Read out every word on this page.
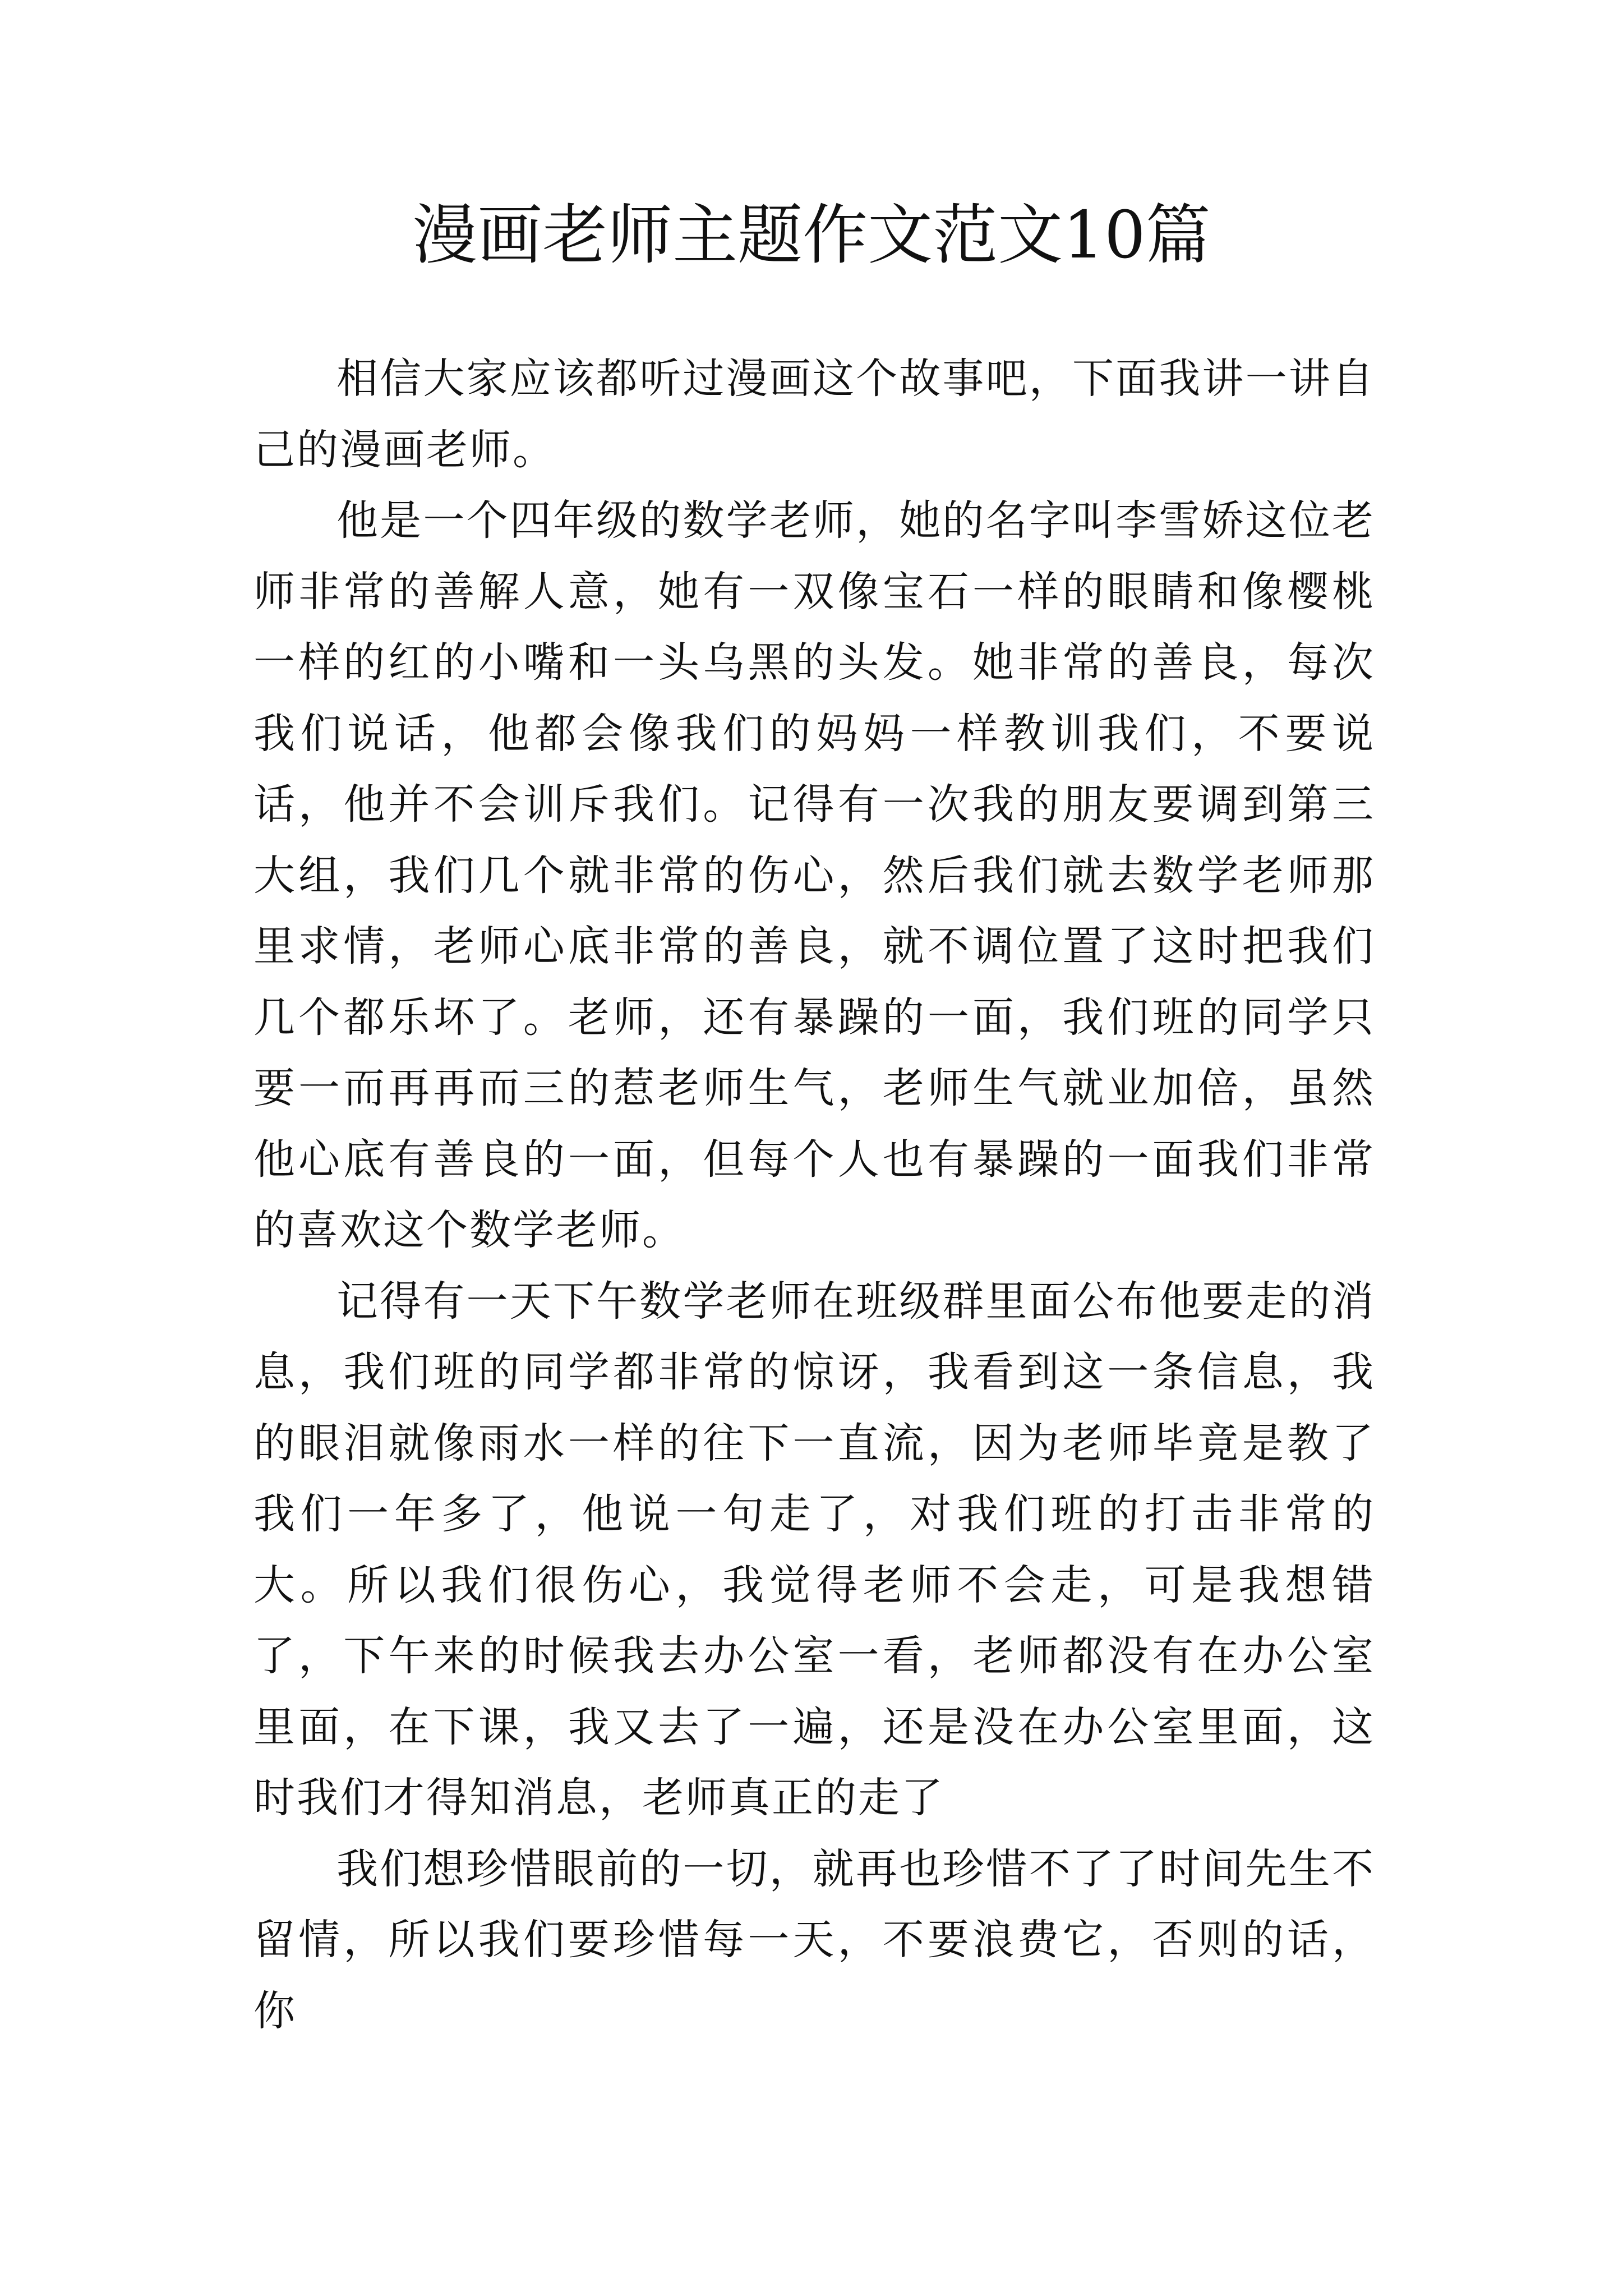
漫画老师主题作文范文10篇

相信大家应该都听过漫画这个故事吧，下面我讲一讲自己的漫画老师。

他是一个四年级的数学老师，她的名字叫李雪娇这位老师非常的善解人意，她有一双像宝石一样的眼睛和像樱桃一样的红的小嘴和一头乌黑的头发。她非常的善良，每次我们说话，他都会像我们的妈妈一样教训我们，不要说话，他并不会训斥我们。记得有一次我的朋友要调到第三大组，我们几个就非常的伤心，然后我们就去数学老师那里求情，老师心底非常的善良，就不调位置了这时把我们几个都乐坏了。老师，还有暴躁的一面，我们班的同学只要一而再再而三的惹老师生气，老师生气就业加倍，虽然他心底有善良的一面，但每个人也有暴躁的一面我们非常的喜欢这个数学老师。

记得有一天下午数学老师在班级群里面公布他要走的消息，我们班的同学都非常的惊讶，我看到这一条信息，我的眼泪就像雨水一样的往下一直流，因为老师毕竟是教了我们一年多了，他说一句走了，对我们班的打击非常的大。所以我们很伤心，我觉得老师不会走，可是我想错了，下午来的时候我去办公室一看，老师都没有在办公室里面，在下课，我又去了一遍，还是没在办公室里面，这时我们才得知消息，老师真正的走了

我们想珍惜眼前的一切，就再也珍惜不了了时间先生不留情，所以我们要珍惜每一天，不要浪费它，否则的话，你
